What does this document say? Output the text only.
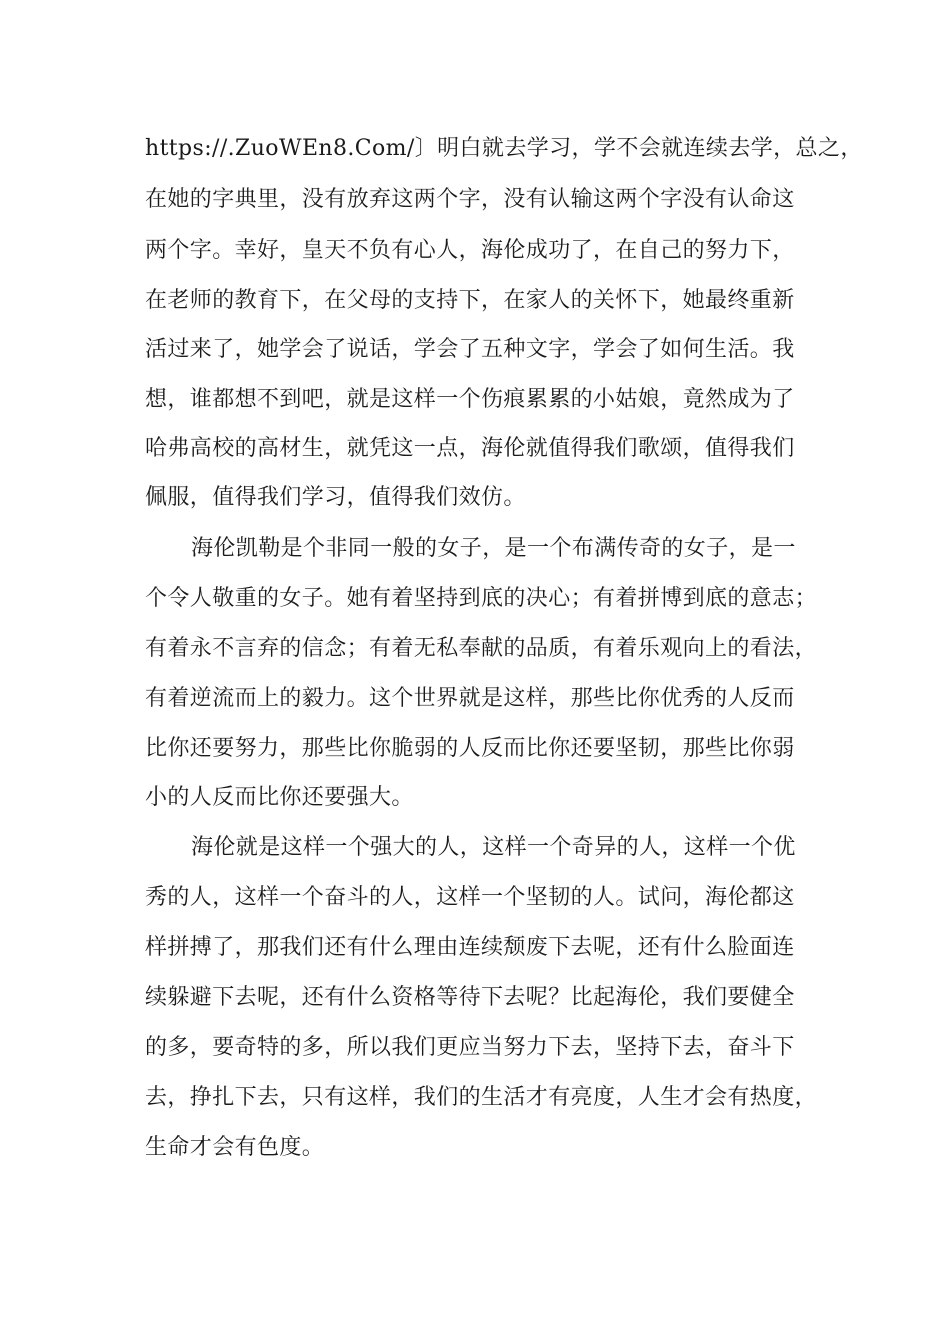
https://.ZuoWEn8.Com/〕明白就去学习，学不会就连续去学，总之，
在她的字典里，没有放弃这两个字，没有认输这两个字没有认命这
两个字。幸好，皇天不负有心人，海伦成功了，在自己的努力下，
在老师的教育下，在父母的支持下，在家人的关怀下，她最终重新
活过来了，她学会了说话，学会了五种文字，学会了如何生活。我
想，谁都想不到吧，就是这样一个伤痕累累的小姑娘，竟然成为了
哈弗高校的高材生，就凭这一点，海伦就值得我们歌颂，值得我们
佩服，值得我们学习，值得我们效仿。
海伦凯勒是个非同一般的女子，是一个布满传奇的女子，是一
个令人敬重的女子。她有着坚持到底的决心；有着拼博到底的意志；
有着永不言弃的信念；有着无私奉献的品质，有着乐观向上的看法，
有着逆流而上的毅力。这个世界就是这样，那些比你优秀的人反而
比你还要努力，那些比你脆弱的人反而比你还要坚韧，那些比你弱
小的人反而比你还要强大。
海伦就是这样一个强大的人，这样一个奇异的人，这样一个优
秀的人，这样一个奋斗的人，这样一个坚韧的人。试问，海伦都这
样拼搏了，那我们还有什么理由连续颓废下去呢，还有什么脸面连
续躲避下去呢，还有什么资格等待下去呢？比起海伦，我们要健全
的多，要奇特的多，所以我们更应当努力下去，坚持下去，奋斗下
去，挣扎下去，只有这样，我们的生活才有亮度，人生才会有热度，
生命才会有色度。
